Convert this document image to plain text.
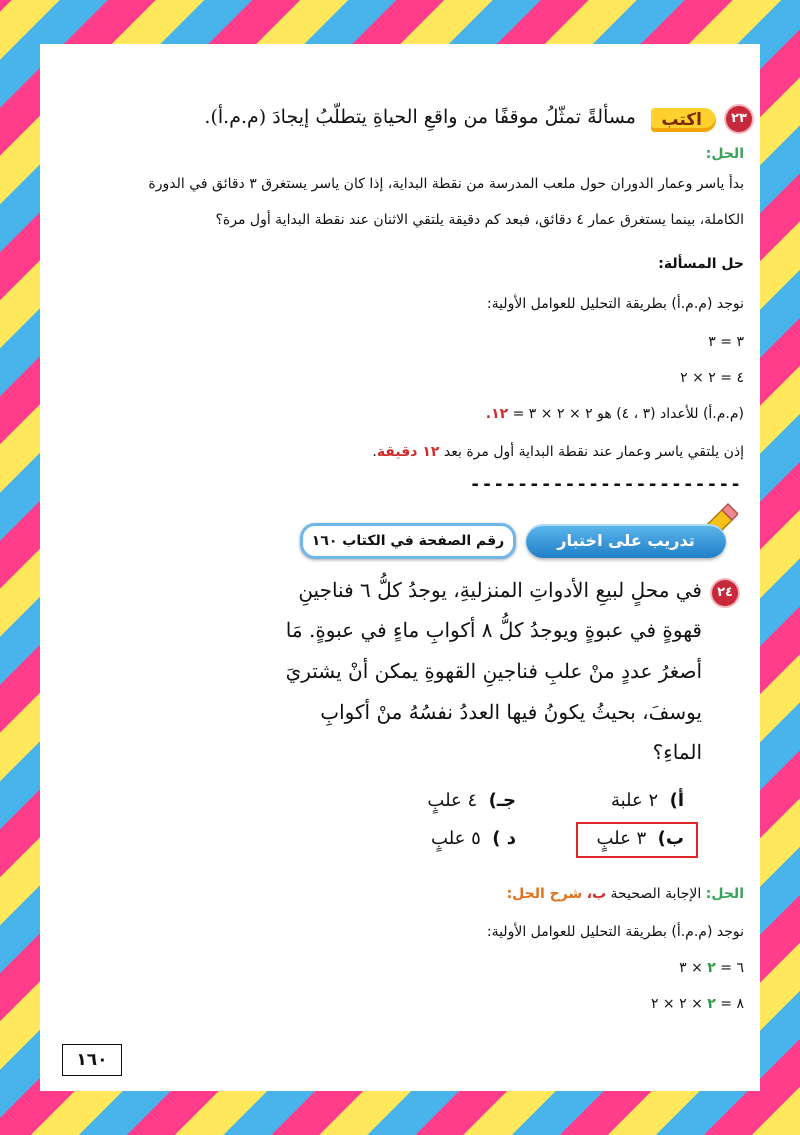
٢٣
اكتب
مسألةً تمثّلُ موقفًا من واقعِ الحياةِ يتطلّبُ إيجادَ (م.م.أ).
الحل:
بدأ ياسر وعمار الدوران حول ملعب المدرسة من نقطة البداية، إذا كان ياسر يستغرق ٣ دقائق في الدورة
الكاملة، بينما يستغرق عمار ٤ دقائق، فبعد كم دقيقة يلتقي الاثنان عند نقطة البداية أول مرة؟
حل المسألة:
نوجد (م.م.أ) بطريقة التحليل للعوامل الأولية:
٣ = ٣
٤ = ٢ × ٢
(م.م.أ) للأعداد (٣ ، ٤) هو ٢ × ٢ × ٣ = ١٢.
إذن يلتقي ياسر وعمار عند نقطة البداية أول مرة بعد ١٢ دقيقة.
-----------------------
تدريب على اختبار
رقم الصفحة في الكتاب ١٦٠
٢٤
في محلٍ لبيعِ الأدواتِ المنزليةِ، يوجدُ كلُّ ٦ فناجينِ
قهوةٍ في عبوةٍ ويوجدُ كلُّ ٨ أكوابِ ماءٍ في عبوةٍ. مَا
أصغرُ عددٍ منْ علبِ فناجينِ القهوةِ يمكن أنْ يشتريَ
يوسفَ، بحيثُ يكونُ فيها العددُ نفسُهُ منْ أكوابِ
الماءِ؟
أ)  ٢ علبة
جـ)  ٤ علبٍ
ب)  ٣ علبٍ
د )  ٥ علبٍ
الحل: الإجابة الصحيحة ب، شرح الحل:
نوجد (م.م.أ) بطريقة التحليل للعوامل الأولية:
٦ = ٢ × ٣
٨ = ٢ × ٢ × ٢
١٦٠
